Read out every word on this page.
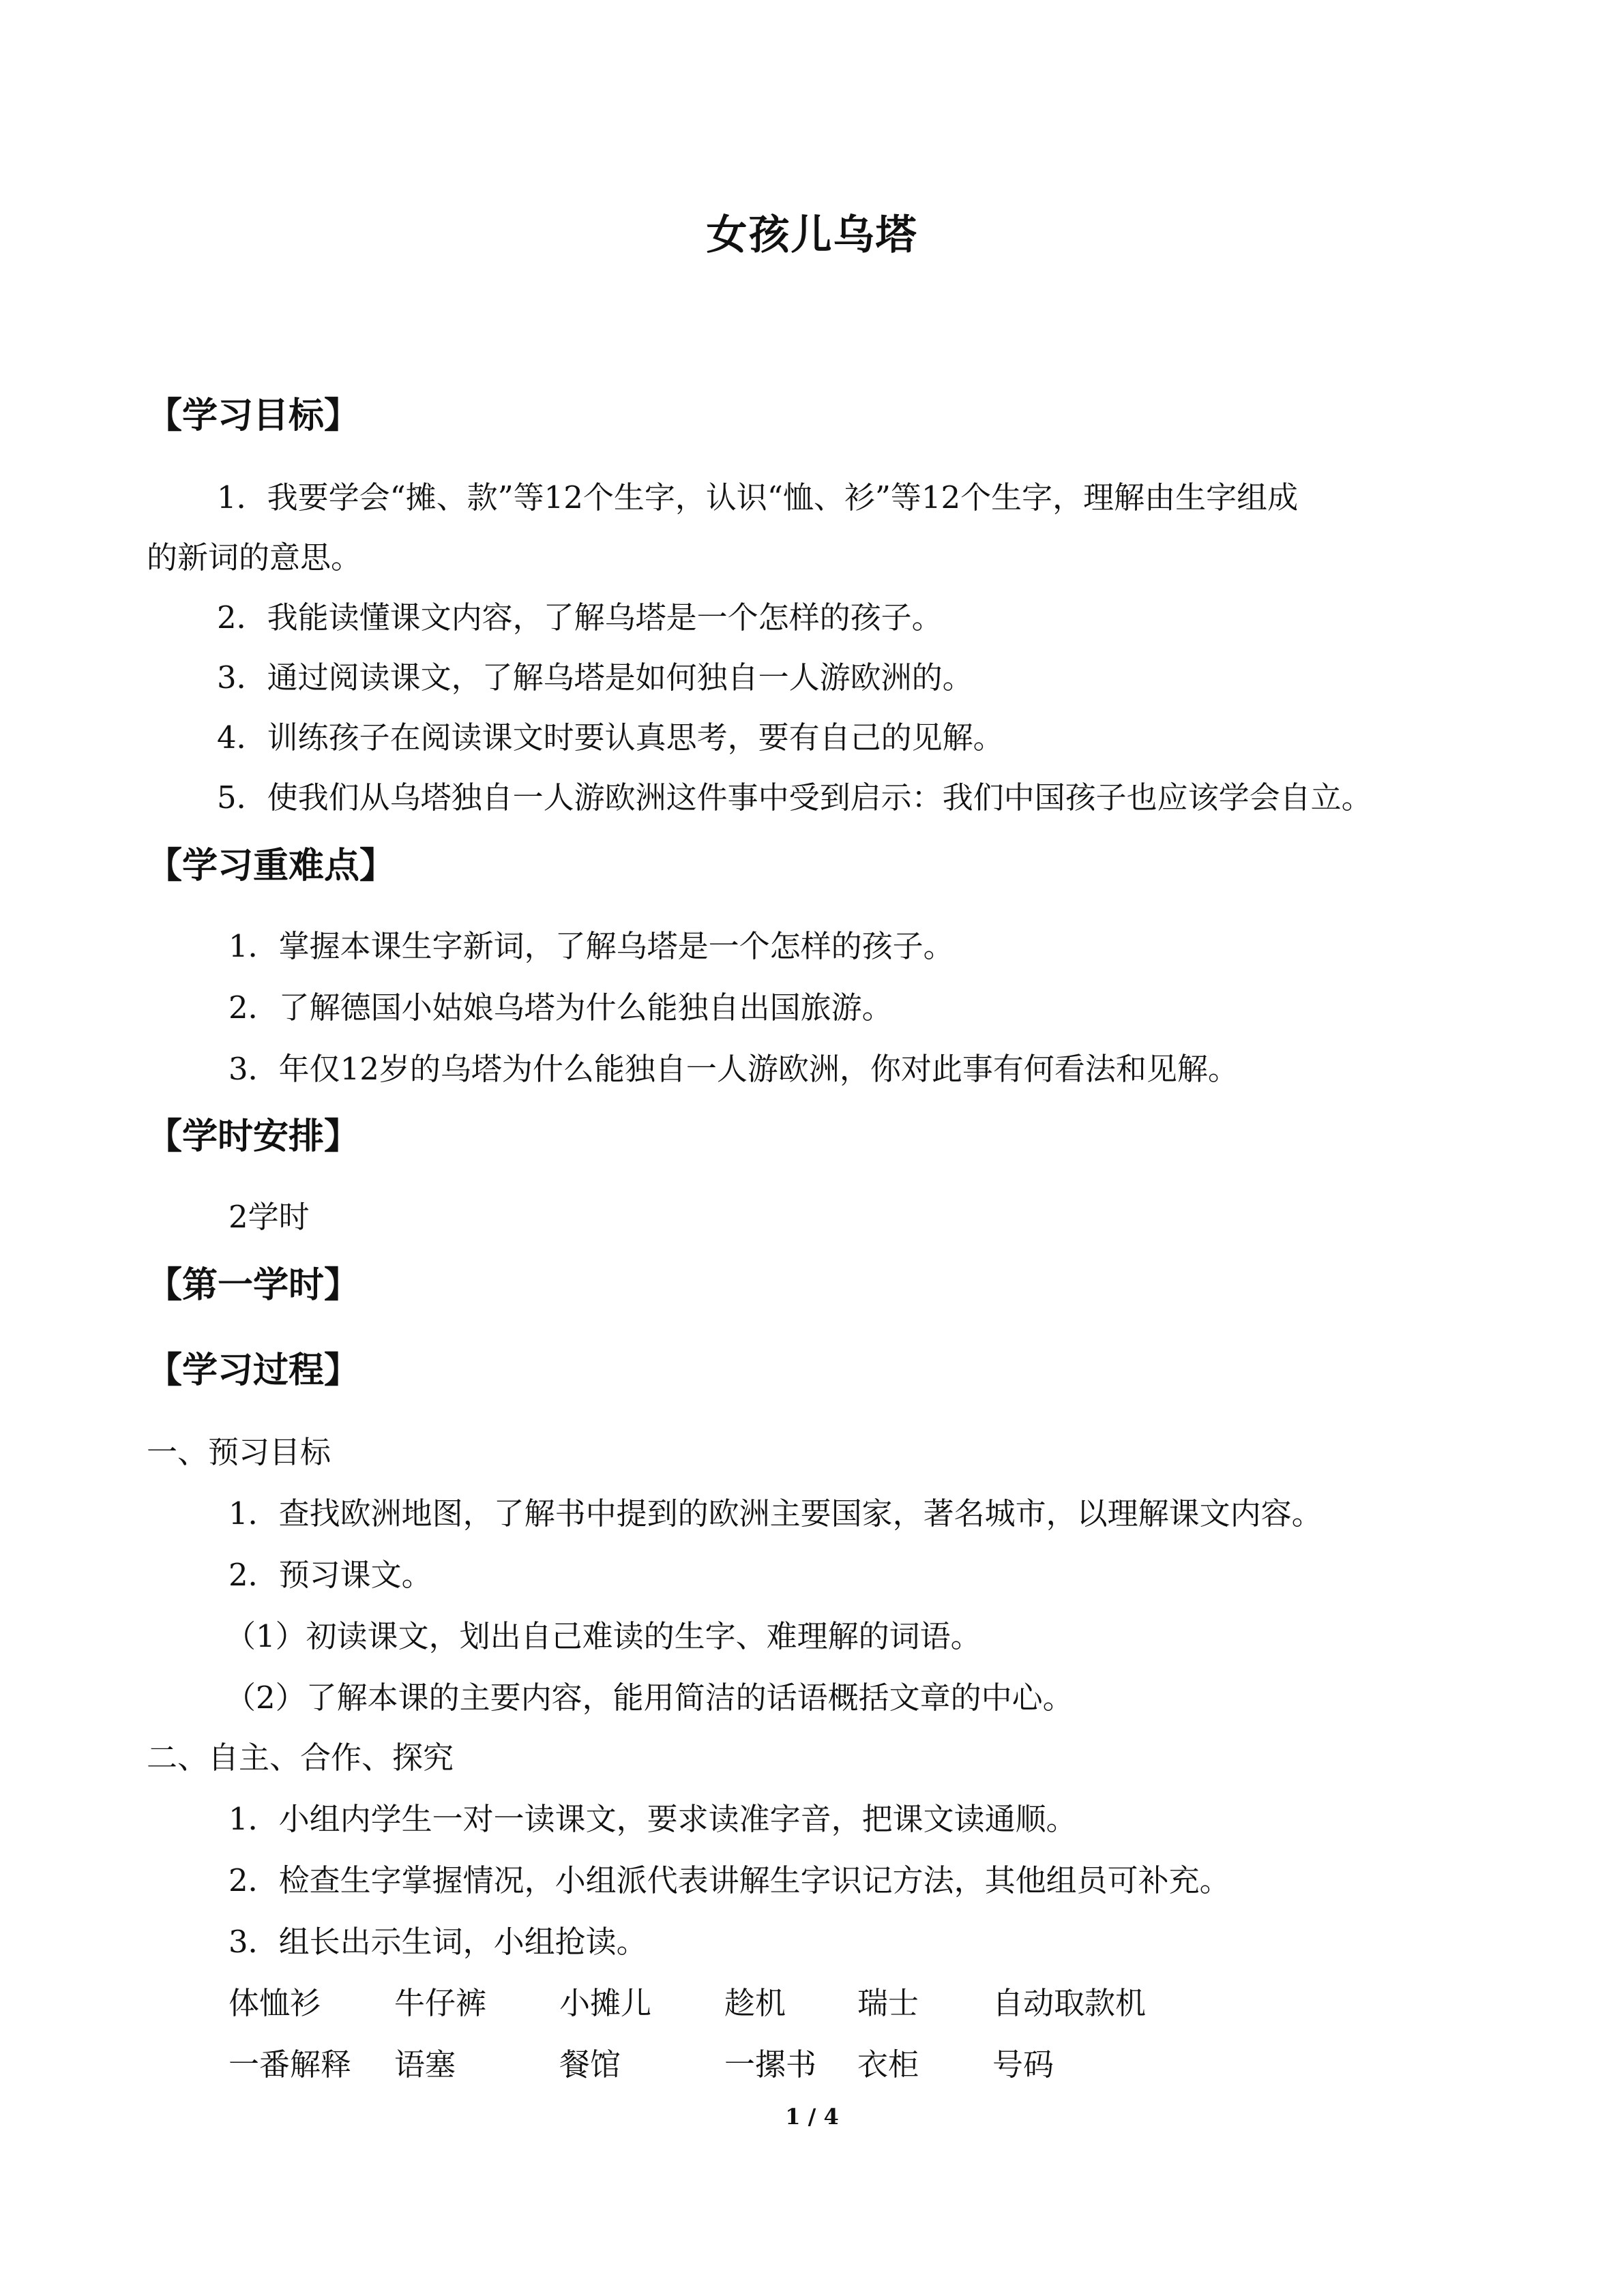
女孩儿乌塔
【学习目标】
1．我要学会“摊、款”等12个生字，认识“恤、衫”等12个生字，理解由生字组成
的新词的意思。
2．我能读懂课文内容，了解乌塔是一个怎样的孩子。
3．通过阅读课文，了解乌塔是如何独自一人游欧洲的。
4．训练孩子在阅读课文时要认真思考，要有自己的见解。
5．使我们从乌塔独自一人游欧洲这件事中受到启示：我们中国孩子也应该学会自立。
【学习重难点】
1．掌握本课生字新词，了解乌塔是一个怎样的孩子。
2．了解德国小姑娘乌塔为什么能独自出国旅游。
3．年仅12岁的乌塔为什么能独自一人游欧洲，你对此事有何看法和见解。
【学时安排】
2学时
【第一学时】
【学习过程】
一、预习目标
1．查找欧洲地图，了解书中提到的欧洲主要国家，著名城市，以理解课文内容。
2．预习课文。
（1）初读课文，划出自己难读的生字、难理解的词语。
（2）了解本课的主要内容，能用简洁的话语概括文章的中心。
二、自主、合作、探究
1．小组内学生一对一读课文，要求读准字音，把课文读通顺。
2．检查生字掌握情况，小组派代表讲解生字识记方法，其他组员可补充。
3．组长出示生词，小组抢读。
体恤衫 牛仔裤 小摊儿 趁机 瑞士 自动取款机
一番解释 语塞	餐馆	一摞书 衣柜 号码
1 / 4
